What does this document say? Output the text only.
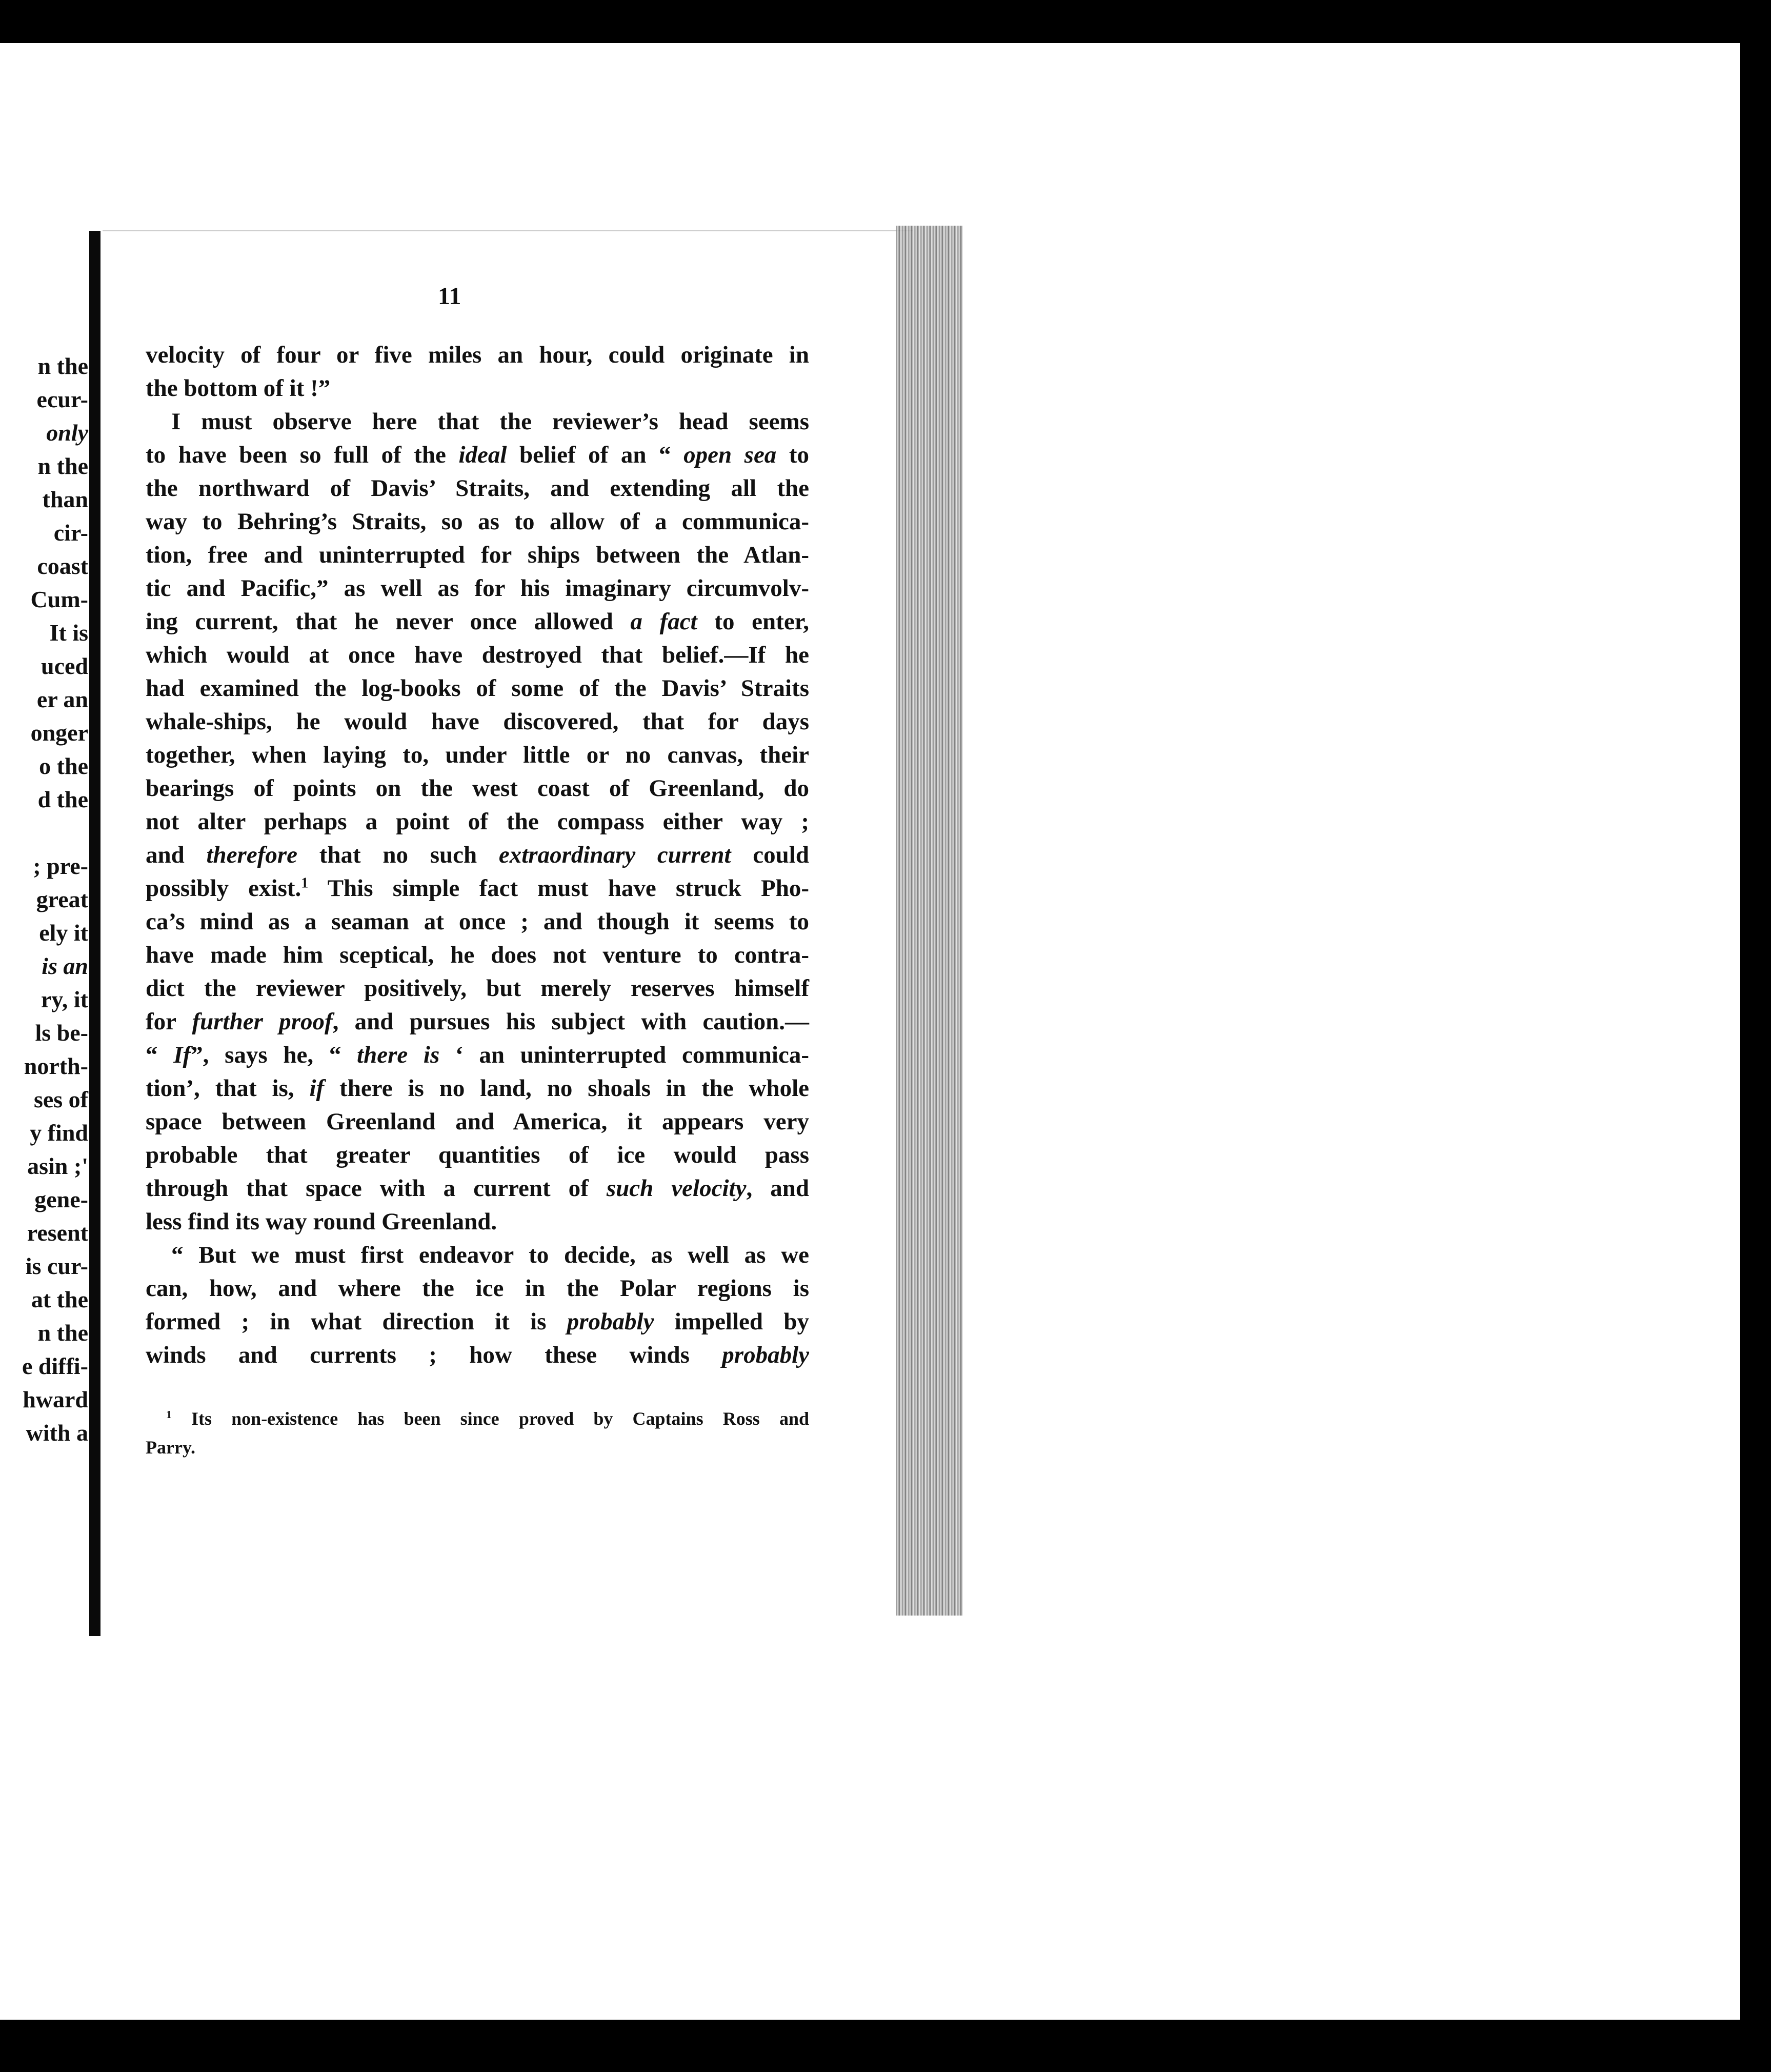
n the
ecur-
only
n the
than
cir-
coast
Cum-
It is
uced
er an
onger
o the
d the
; pre-
great
ely it
is an
ry, it
ls be-
north-
ses of
y find
asin ;'
gene-
resent
is cur-
at the
n the
e diffi-
hward
with a
11
velocity of four or five miles an hour, could originate in
the bottom of it !”
I must observe here that the reviewer’s head seems
to have been so full of the ideal belief of an “ open sea to
the northward of Davis’ Straits, and extending all the
way to Behring’s Straits, so as to allow of a communica-
tion, free and uninterrupted for ships between the Atlan-
tic and Pacific,” as well as for his imaginary circumvolv-
ing current, that he never once allowed a fact to enter,
which would at once have destroyed that belief.—If he
had examined the log-books of some of the Davis’ Straits
whale-ships, he would have discovered, that for days
together, when laying to, under little or no canvas, their
bearings of points on the west coast of Greenland, do
not alter perhaps a point of the compass either way ;
and therefore that no such extraordinary current could
possibly exist.$^1$ This simple fact must have struck Pho-
ca’s mind as a seaman at once ; and though it seems to
have made him sceptical, he does not venture to contra-
dict the reviewer positively, but merely reserves himself
for further proof, and pursues his subject with caution.—
“ If”, says he, “ there is ‘ an uninterrupted communica-
tion’, that is, if there is no land, no shoals in the whole
space between Greenland and America, it appears very
probable that greater quantities of ice would pass
through that space with a current of such velocity, and
less find its way round Greenland.
“ But we must first endeavor to decide, as well as we
can, how, and where the ice in the Polar regions is
formed ; in what direction it is probably impelled by
winds and currents ; how these winds probably
$^1$ Its non-existence has been since proved by Captains Ross and
Parry.
